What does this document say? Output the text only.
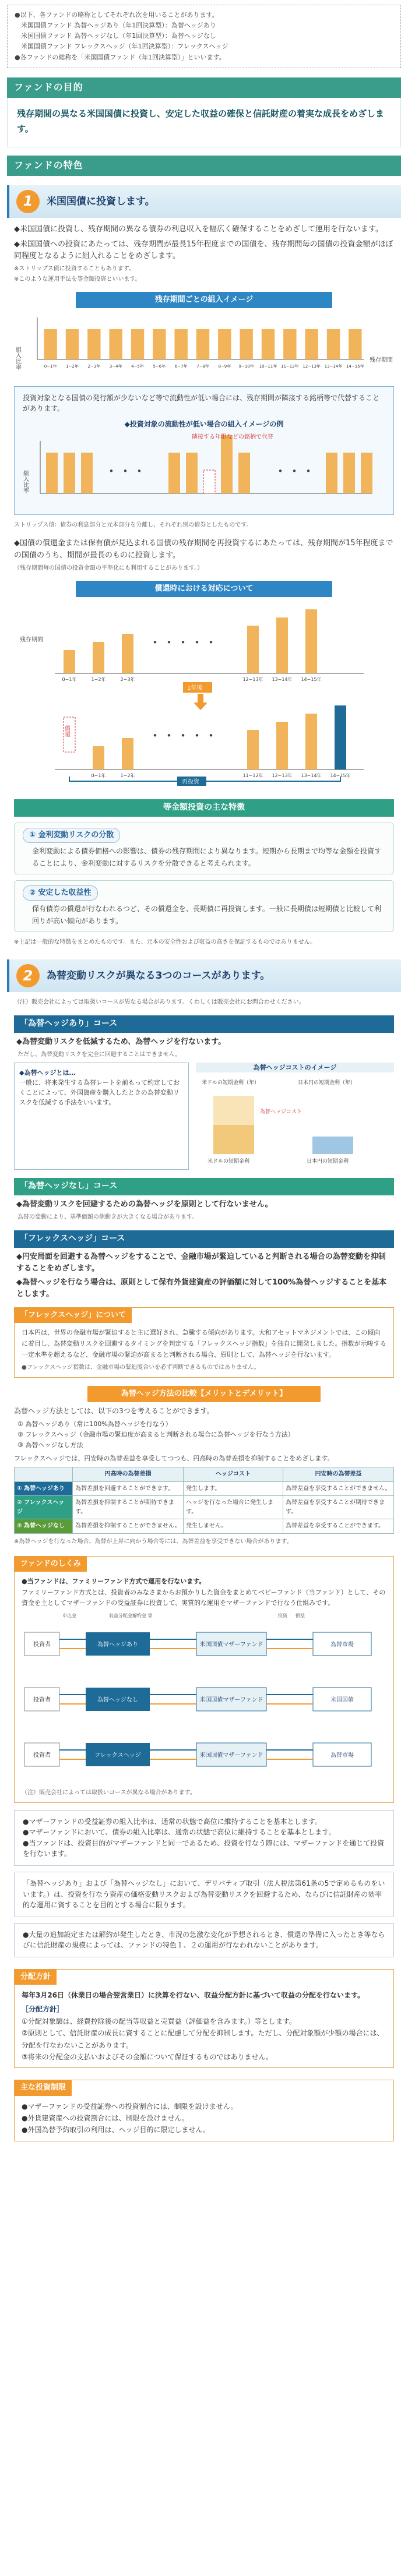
●以下、各ファンドの略称としてそれぞれ次を用いることがあります。
　米国国債ファンド 為替ヘッジあり（年1回決算型）：為替ヘッジあり
　米国国債ファンド 為替ヘッジなし（年1回決算型）：為替ヘッジなし
　米国国債ファンド フレックスヘッジ（年1回決算型）：フレックスヘッジ
●各ファンドの総称を「米国国債ファンド（年1回決算型）」といいます。
ファンドの目的
残存期間の異なる米国国債に投資し、安定した収益の確保と信託財産の着実な成長をめざします。
ファンドの特色
1	米国国債に投資します。

◆米国国債に投資し、残存期間の異なる債券の利息収入を幅広く確保することをめざして運用を行ないます。

◆米国国債への投資にあたっては、残存期間が最長15年程度までの国債を、残存期間毎の国債の投資金額がほぼ同程度となるように組入れることをめざします。

※ストリップス債に投資することもあります。

※このような運用手法を等金額投資といいます。

残存期間ごとの組入イメージ
組入比率	0~1年 1~2年 2~3年 3~4年 4~5年 5~6年 6~7年 7~8年 8~9年 9~10年 10~11年 11~12年 12~13年 13~14年 14~15年
残存期間
投資対象となる国債の発行額が少ないなど等で流動性が低い場合には、残存期間が隣接する銘柄等で代替することがあります。
◆投資対象の流動性が低い場合の組入イメージの例
組入比率
隣接する年限などの銘柄で代替
・・・	・・・

ストリップス債：債券の利息部分と元本部分を分離し、それぞれ別の債券としたものです。

◆国債の償還金または保有債が見込まれる国債の残存期間を再投資するにあたっては、残存期間が15年程度までの国債のうち、期間が最長のものに投資します。

（残存期間毎の国債の投資金額の平準化にも利用することがあります。）

償還時における対応について
残存期間
0~1年	1~2年	2~3年	12~13年 13~14年 14~15年
・・・・・
1年後
0~1年	1~2年	11~12年 12~13年 13~14年 14~15年
・・・・・
償還
再投資
等金額投資の主な特徴
① 金利変動リスクの分散

金利変動による債券価格への影響は、債券の残存期間により異なります。短期から長期まで均等な金額を投資することにより、金利変動に対するリスクを分散できると考えられます。

② 安定した収益性

保有債券の償還が行なわれるつど、その償還金を、長期債に再投資します。一般に長期債は短期債と比較して利回りが高い傾向があります。

※上記は一般的な特徴をまとめたものです。また、元本の安全性および収益の高さを保証するものではありません。

2	為替変動リスクが異なる3つのコースがあります。

（注）販売会社によっては取扱いコースが異なる場合があります。くわしくは販売会社にお問合わせください。

「為替ヘッジあり」コース

◆為替変動リスクを低減するため、為替ヘッジを行ないます。

ただし、為替変動リスクを完全に回避することはできません。

◆為替ヘッジとは…
一般に、将来発生する為替レートを前もって約定しておくことによって、外国資産を購入したときの為替変動リスクを低減する手法をいいます。
為替ヘッジコストのイメージ
米ドルの短期金利（年）	日本円の短期金利（年）
為替ヘッジコスト
米ドルの短期金利	日本円の短期金利
「為替ヘッジなし」コース

◆為替変動リスクを回避するための為替ヘッジを原則として行ないません。

為替の変動により、基準価額の値動きが大きくなる場合があります。

「フレックスヘッジ」コース

◆円安局面を回避する為替ヘッジをすることで、金融市場が緊迫していると判断される場合の為替変動を抑制することをめざします。

◆為替ヘッジを行なう場合は、原則として保有外貨建資産の評価額に対して100%為替ヘッジすることを基本とします。

「フレックスヘッジ」について
日本円は、世界の金融市場が緊迫すると主に選好され、急騰する傾向があります。大和アセットマネジメントでは、この傾向に着目し、為替変動リスクを回避するタイミングを判定する「フレックスヘッジ指数」を独自に開発しました。指数が示唆する一定水準を超えるなど、金融市場の緊迫が高まると判断される場合、原則として、為替ヘッジを行ないます。
●フレックスヘッジ指数は、金融市場の緊迫度合いを必ず判断できるものではありません。
為替ヘッジ方法の比較【メリットとデメリット】

為替ヘッジ方法としては、以下の3つを考えることができます。

① 為替ヘッジあり（常に100%為替ヘッジを行なう）

② フレックスヘッジ（金融市場の緊迫度が高まると判断される場合に為替ヘッジを行なう方法）

③ 為替ヘッジなし方法

フレックスヘッジでは、円安時の為替差益を享受してつつも、円高時の為替差損を抑制することをめざします。

	円高時の為替差損	ヘッジコスト	円安時の為替差益
① 為替ヘッジあり	為替差損を回避することができます。	発生します。	為替差益を享受することができません。
② フレックスヘッジ	為替差損を抑制することが期待できます。	ヘッジを行なった場合に発生します。	為替差益を享受することが期待できます。
③ 為替ヘッジなし	為替差損を抑制することができません。	発生しません。	為替差益を享受することができます。

※為替ヘッジを行なった場合、為替が上昇に向かう場合等には、為替差益を享受できない場合があります。

ファンドのしくみ
●当ファンドは、ファミリーファンド方式で運用を行ないます。
ファミリーファンド方式とは、投資者のみなさまからお預かりした資金をまとめてベビーファンド（当ファンド）として、その資金を主としてマザーファンドの受益証券に投資して、実質的な運用をマザーファンドで行なう仕組みです。
投資者	為替ヘッジあり	米国国債マザーファンド	為替市場
投資者	為替ヘッジなし	米国国債マザーファンド	米国国債
投資者	フレックスヘッジ	米国国債マザーファンド	為替市場
申込金	収益分配金解約金 等	投資 損益
（注）販売会社によっては取扱いコースが異なる場合があります。
●マザーファンドの受益証券の組入比率は、通常の状態で高位に維持することを基本とします。
●マザーファンドにおいて、債券の組入比率は、通常の状態で高位に維持することを基本とします。
●当ファンドは、投資目的がマザーファンドと同一であるため、投資を行なう際には、マザーファンドを通じて投資を行ないます。
「為替ヘッジあり」および「為替ヘッジなし」において、デリバティブ取引（法人税法第61条の5で定めるものをいいます。）は、投資を行なう資産の価格変動リスクおよび為替変動リスクを回避するため、ならびに信託財産の効率的な運用に資することを目的とする場合に限ります。
●大量の追加設定または解約が発生したとき、市況の急激な変化が予想されるとき、償還の準備に入ったとき等ならびに信託財産の規模によっては、ファンドの特色１、２の運用が行なわれないことがあります。
分配方針
毎年3月26日（休業日の場合翌営業日）に決算を行ない、収益分配方針に基づいて収益の分配を行ないます。
［分配方針］
①分配対象額は、経費控除後の配当等収益と売買益（評価益を含みます。）等とします。
②原則として、信託財産の成長に資することに配慮して分配を抑制します。ただし、分配対象額が少額の場合には、分配を行なわないことがあります。
③将来の分配金の支払いおよびその金額について保証するものではありません。
主な投資制限
●マザーファンドの受益証券への投資割合には、制限を設けません。
●外貨建資産への投資割合には、制限を設けません。
●外国為替予約取引の利用は、ヘッジ目的に限定しません。
